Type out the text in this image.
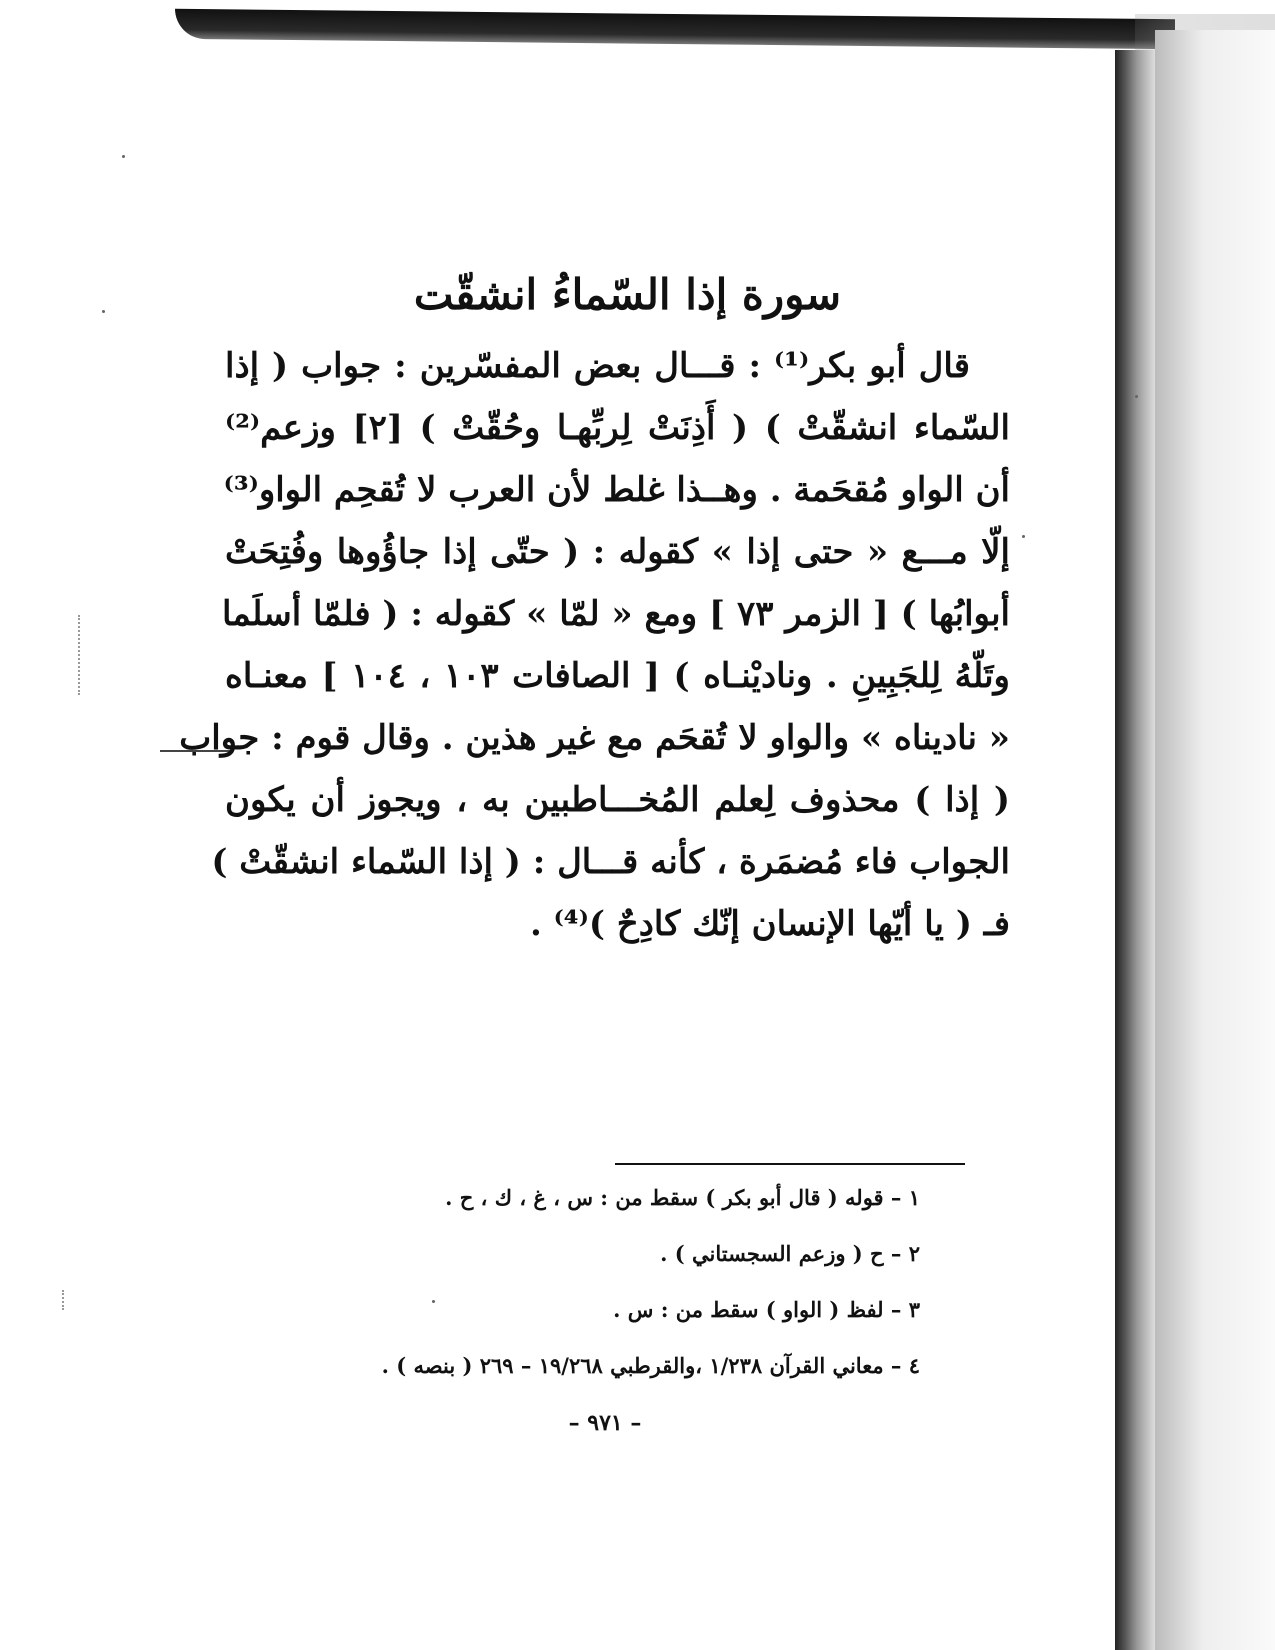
سورة إذا السّماءُ انشقّت
قال أبو بكر⁽¹⁾ : قـــال بعض المفسّرين : جواب ( إذا
السّماء انشقّتْ ) ( أَذِنَتْ لِربِّهـا وحُقّتْ ) [٢] وزعم⁽²⁾
أن الواو مُقحَمة . وهــذا غلط لأن العرب لا تُقحِم الواو⁽³⁾
إلّا مـــع « حتى إذا » كقوله : ( حتّى إذا جاؤُوها وفُتِحَتْ
أبوابُها ) [ الزمر ٧٣ ] ومع « لمّا » كقوله : ( فلمّا أسلَما
وتَلّهُ لِلجَبِينِ . وناديْنـاه ) [ الصافات ١٠٣ ، ١٠٤ ] معنـاه
« ناديناه » والواو لا تُقحَم مع غير هذين . وقال قوم : جواب
( إذا ) محذوف لِعلم المُخـــاطبين به ، ويجوز أن يكون
الجواب فاء مُضمَرة ، كأنه قـــال : ( إذا السّماء انشقّتْ )
فـ ( يا أيّها الإنسان إنّك كادِحٌ )⁽⁴⁾ .
١ – قوله ( قال أبو بكر ) سقط من : س ، غ ، ك ، ح .
٢ – ح ( وزعم السجستاني ) .
٣ – لفظ ( الواو ) سقط من : س .
٤ – معاني القرآن ١/٢٣٨ ،والقرطبي ١٩/٢٦٨ – ٢٦٩ ( بنصه ) .
– ٩٧١ –
